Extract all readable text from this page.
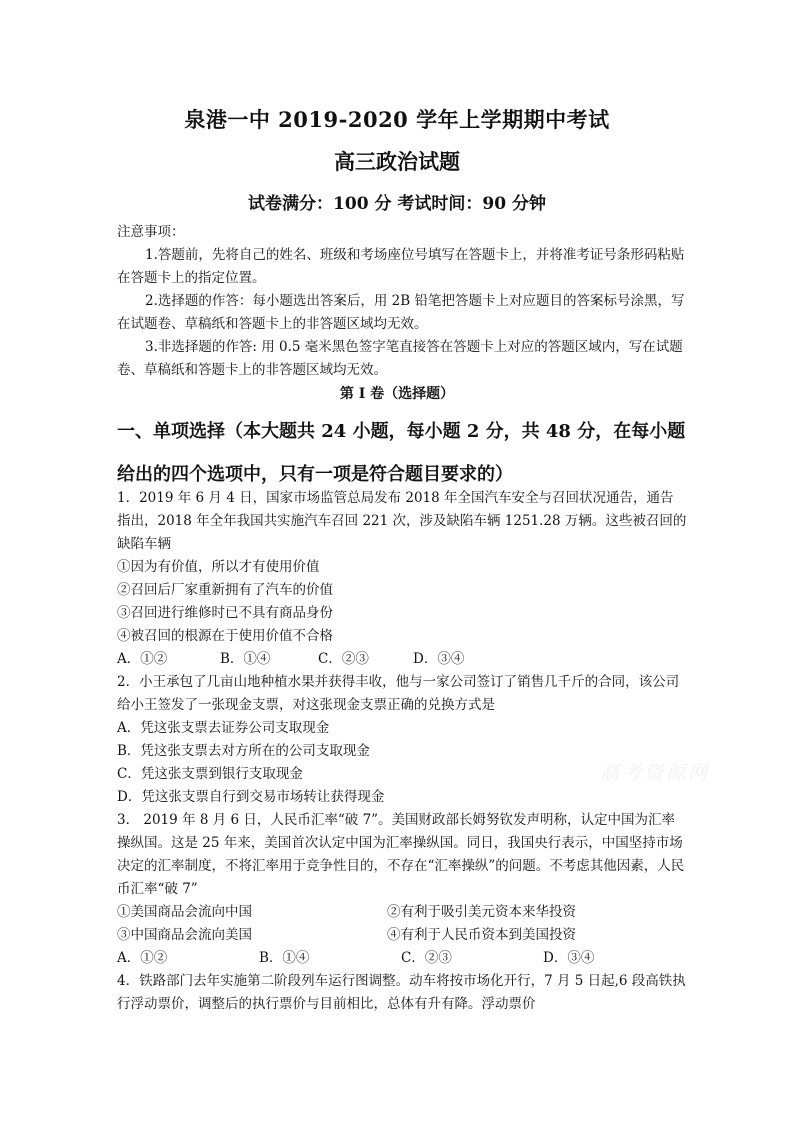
泉港一中 2019-2020 学年上学期期中考试
高三政治试题
试卷满分：100 分 考试时间：90 分钟

注意事项：

1.答题前，先将自己的姓名、班级和考场座位号填写在答题卡上，并将准考证号条形码粘贴在答题卡上的指定位置。

2.选择题的作答：每小题选出答案后，用 2B 铅笔把答题卡上对应题目的答案标号涂黑，写在试题卷、草稿纸和答题卡上的非答题区域均无效。

3.非选择题的作答: 用 0.5 毫米黑色签字笔直接答在答题卡上对应的答题区域内，写在试题卷、草稿纸和答题卡上的非答题区域均无效。

第 I 卷（选择题）
一、单项选择（本大题共 24 小题，每小题 2 分，共 48 分，在每小题给出的四个选项中，只有一项是符合题目要求的）

1．2019 年 6 月 4 日，国家市场监管总局发布 2018 年全国汽车安全与召回状况通告，通告指出，2018 年全年我国共实施汽车召回 221 次，涉及缺陷车辆 1251.28 万辆。这些被召回的缺陷车辆

①因为有价值，所以才有使用价值

②召回后厂家重新拥有了汽车的价值

③召回进行维修时已不具有商品身份

④被召回的根源在于使用价值不合格

A．①②	B．①④	C．②③	D．③④

2．小王承包了几亩山地种植水果并获得丰收，他与一家公司签订了销售几千斤的合同，该公司给小王签发了一张现金支票，对这张现金支票正确的兑换方式是

A．凭这张支票去证券公司支取现金

B．凭这张支票去对方所在的公司支取现金

C．凭这张支票到银行支取现金

D．凭这张支票自行到交易市场转让获得现金

3． 2019 年 8 月 6 日，人民币汇率“破 7”。美国财政部长姆努钦发声明称，认定中国为汇率操纵国。这是 25 年来，美国首次认定中国为汇率操纵国。同日，我国央行表示，中国坚持市场决定的汇率制度，不将汇率用于竞争性目的，不存在“汇率操纵”的问题。不考虑其他因素，人民币汇率“破 7”

①美国商品会流向中国	②有利于吸引美元资本来华投资
③中国商品会流向美国	④有利于人民币资本到美国投资
A．①②	B．①④	C．②③	D．③④

4．铁路部门去年实施第二阶段列车运行图调整。动车将按市场化开行，7 月 5 日起,6 段高铁执行浮动票价，调整后的执行票价与目前相比，总体有升有降。浮动票价

高考资源网
